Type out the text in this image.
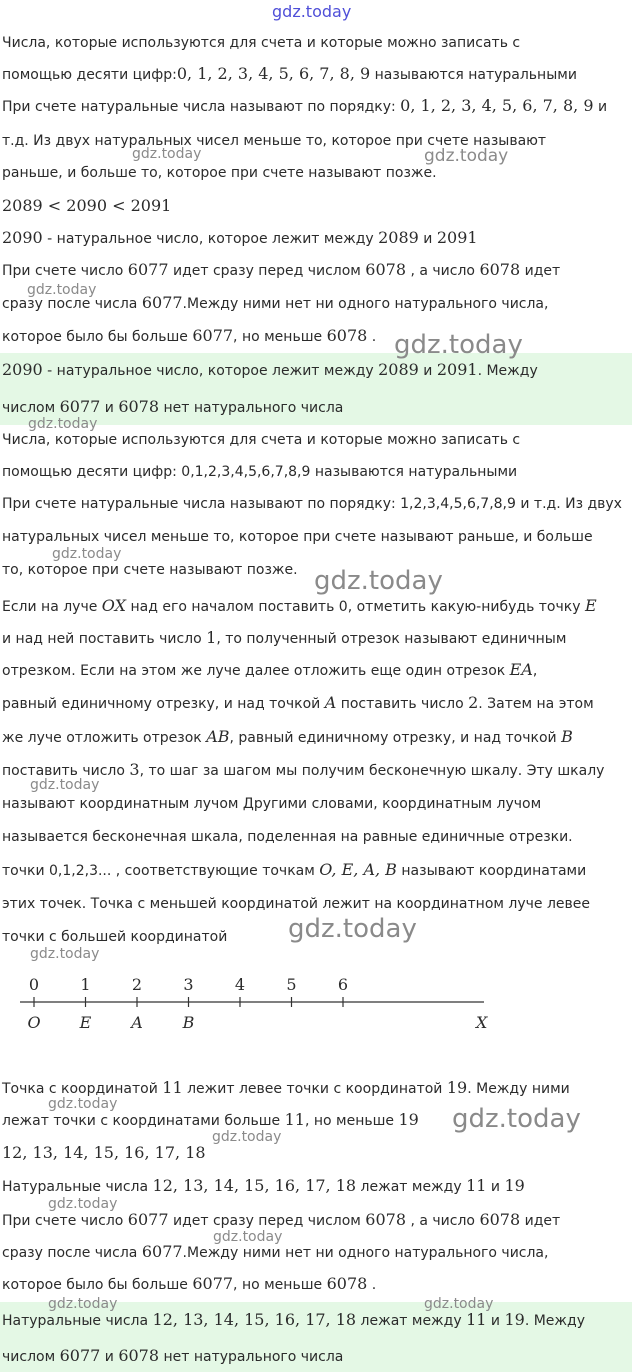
gdz.today
Числа, которые используются для счета и которые можно записать с
помощью десяти цифр:0, 1, 2, 3, 4, 5, 6, 7, 8, 9 называются натуральными
При счете натуральные числа называют по порядку: 0, 1, 2, 3, 4, 5, 6, 7, 8, 9 и
т.д. Из двух натуральных чисел меньше то, которое при счете называют
раньше, и больше то, которое при счете называют позже.
2089 < 2090 < 2091
2090 - натуральное число, которое лежит между 2089 и 2091
При счете число 6077 идет сразу перед числом 6078 , а число 6078 идет
сразу после числа 6077.Между ними нет ни одного натурального числа,
которое было бы больше 6077, но меньше 6078 .
2090 - натуральное число, которое лежит между 2089 и 2091. Между
числом 6077 и 6078 нет натурального числа
Числа, которые используются для счета и которые можно записать с
помощью десяти цифр: 0,1,2,3,4,5,6,7,8,9 называются натуральными
При счете натуральные числа называют по порядку: 1,2,3,4,5,6,7,8,9 и т.д. Из двух
натуральных чисел меньше то, которое при счете называют раньше, и больше
то, которое при счете называют позже.
Если на луче OX над его началом поставить 0, отметить какую-нибудь точку E
и над ней поставить число 1, то полученный отрезок называют единичным
отрезком. Если на этом же луче далее отложить еще один отрезок EA,
равный единичному отрезку, и над точкой A поставить число 2. Затем на этом
же луче отложить отрезок AB, равный единичному отрезку, и над точкой B
поставить число 3, то шаг за шагом мы получим бесконечную шкалу. Эту шкалу
называют координатным лучом Другими словами, координатным лучом
называется бесконечная шкала, поделенная на равные единичные отрезки.
точки 0,1,2,3... , соответствующие точкам O, E, A, B называют координатами
этих точек. Точка с меньшей координатой лежит на координатном луче левее
точки с большей координатой
Точка с координатой 11 лежит левее точки с координатой 19. Между ними
лежат точки с координатами больше 11, но меньше 19
12, 13, 14, 15, 16, 17, 18
Натуральные числа 12, 13, 14, 15, 16, 17, 18 лежат между 11 и 19
При счете число 6077 идет сразу перед числом 6078 , а число 6078 идет
сразу после числа 6077.Между ними нет ни одного натурального числа,
которое было бы больше 6077, но меньше 6078 .
Натуральные числа 12, 13, 14, 15, 16, 17, 18 лежат между 11 и 19. Между
числом 6077 и 6078 нет натурального числа
0	1	2	3	4	5	6
O E A B	X
gdz.today	gdz.today
gdz.today
gdz.today
gdz.today
gdz.today
gdz.today
gdz.today
gdz.today
gdz.today
gdz.today	gdz.today
gdz.today
gdz.today
gdz.today
gdz.today	gdz.today
